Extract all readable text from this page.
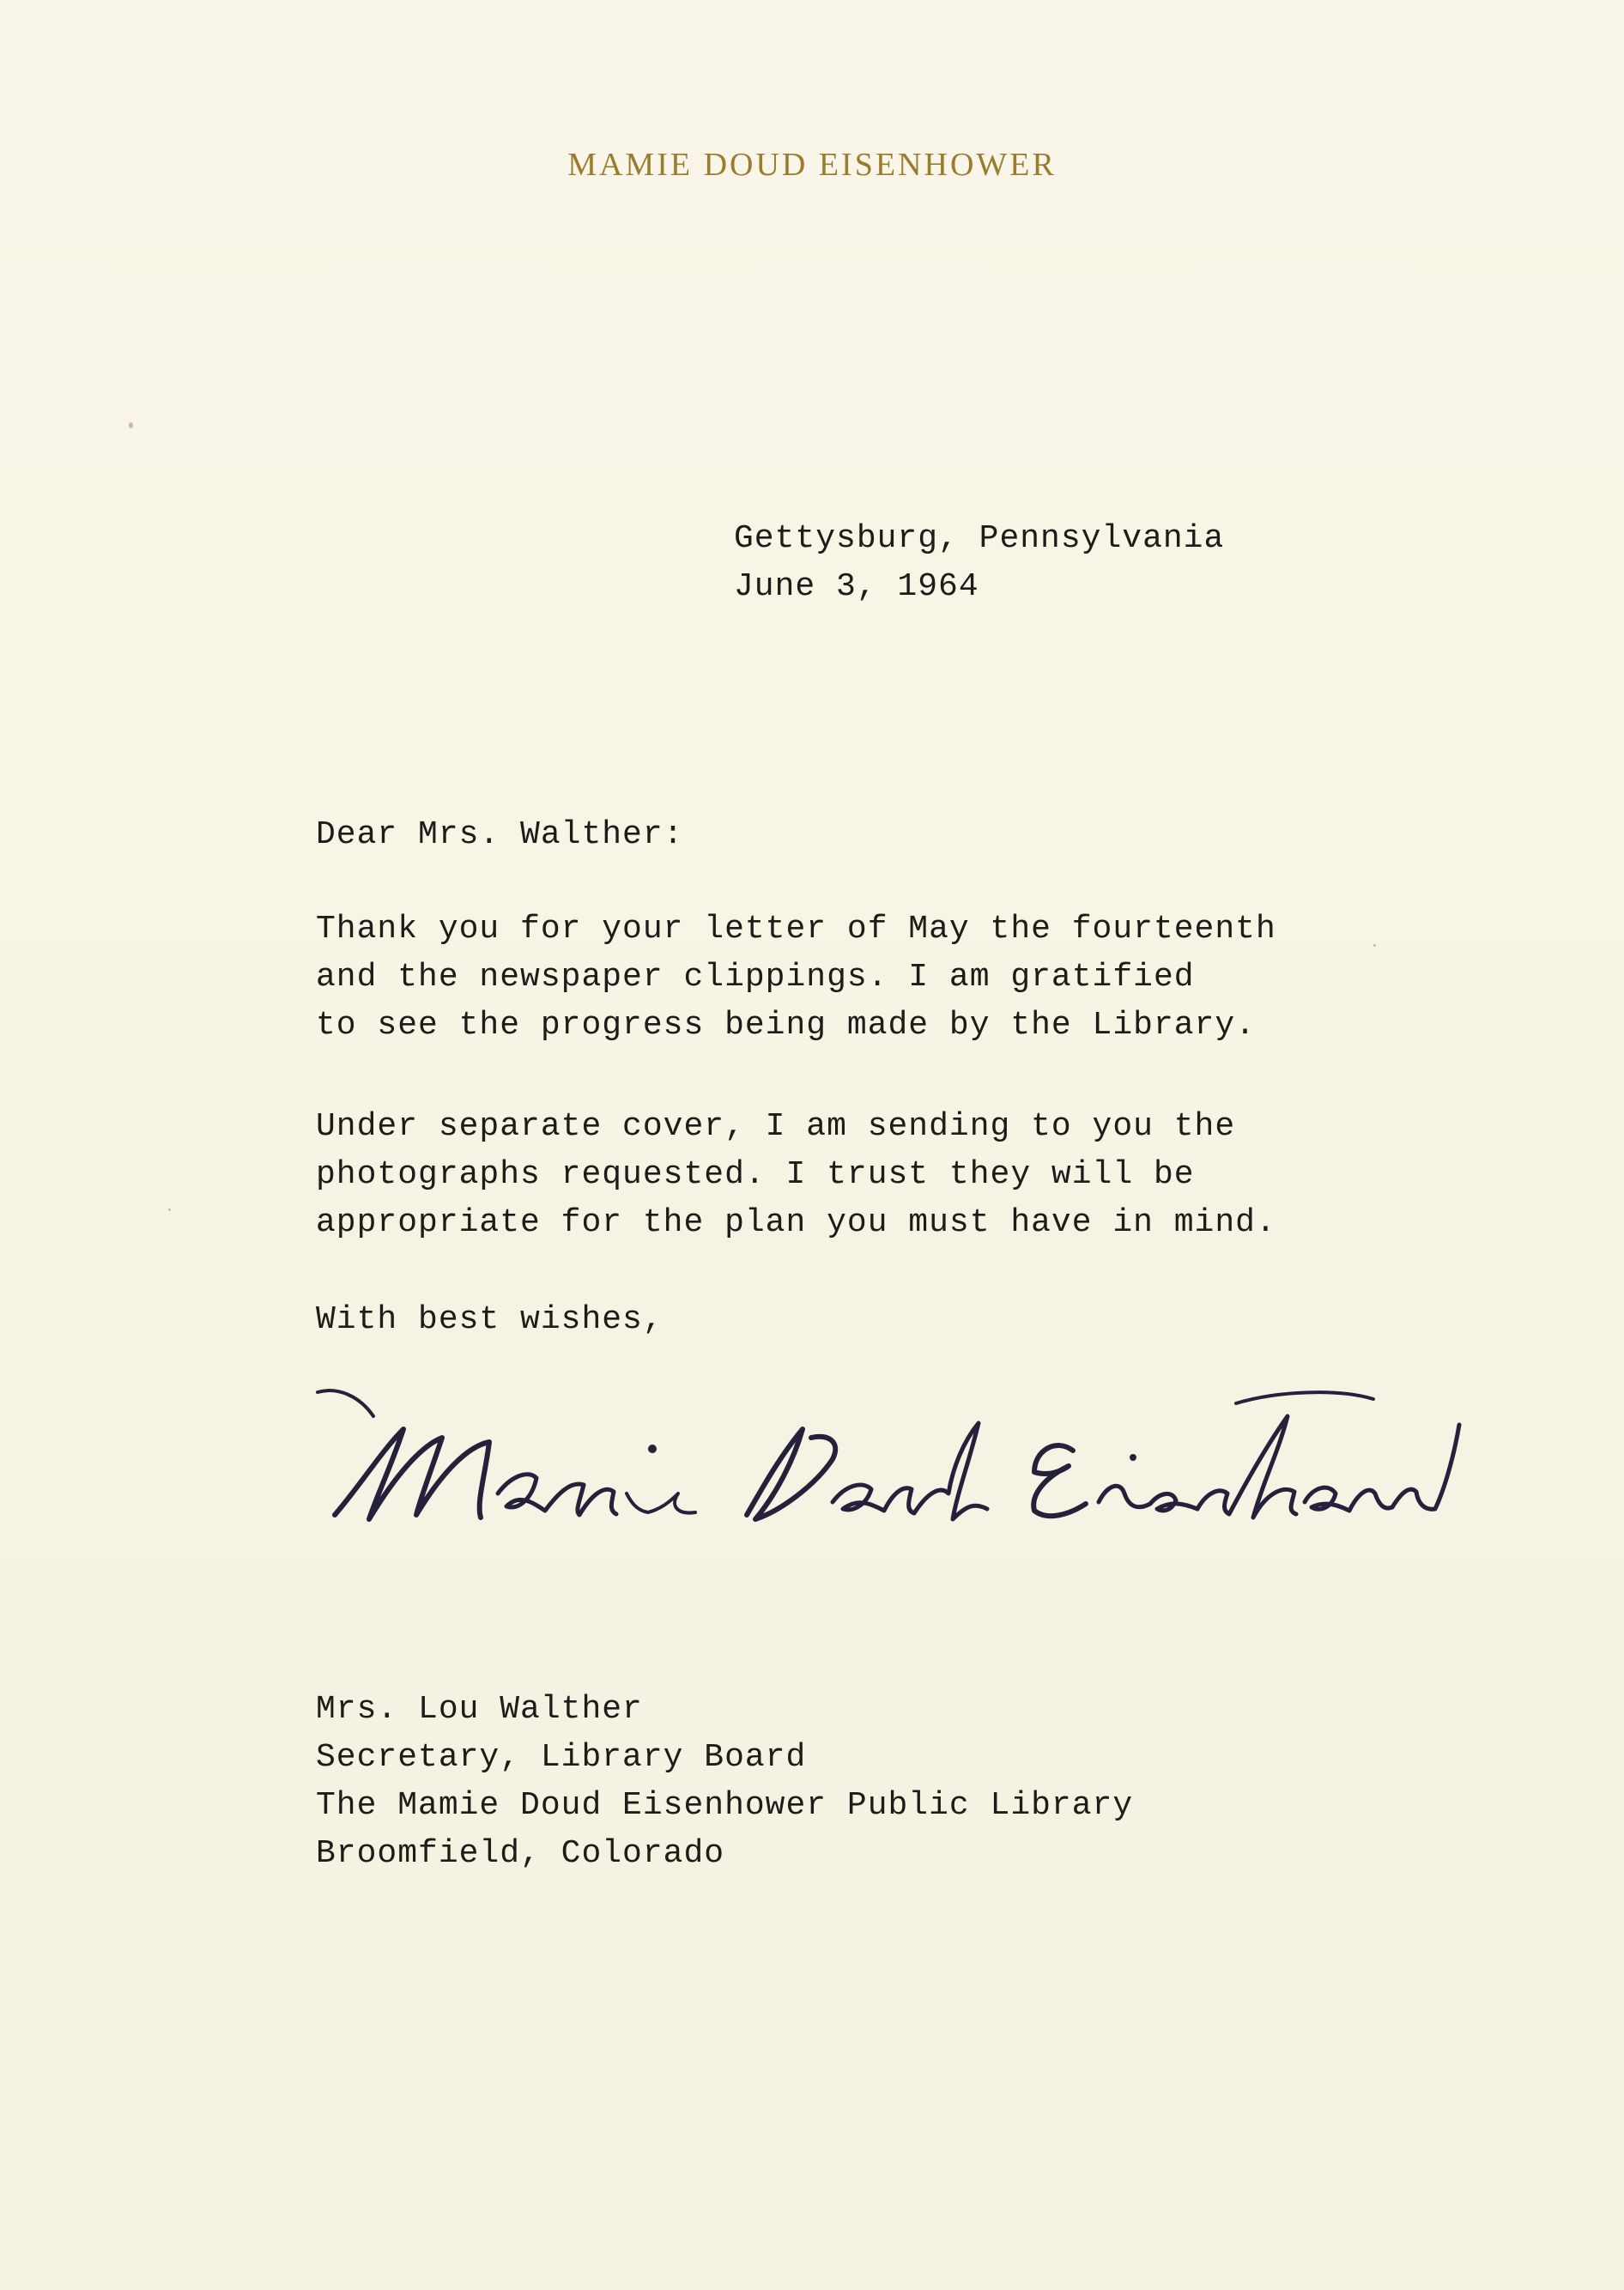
MAMIE DOUD EISENHOWER
Gettysburg, Pennsylvania
June 3, 1964
Dear Mrs. Walther:
Thank you for your letter of May the fourteenth
and the newspaper clippings. I am gratified
to see the progress being made by the Library.
Under separate cover, I am sending to you the
photographs requested. I trust they will be
appropriate for the plan you must have in mind.
With best wishes,
Mrs. Lou Walther
Secretary, Library Board
The Mamie Doud Eisenhower Public Library
Broomfield, Colorado
